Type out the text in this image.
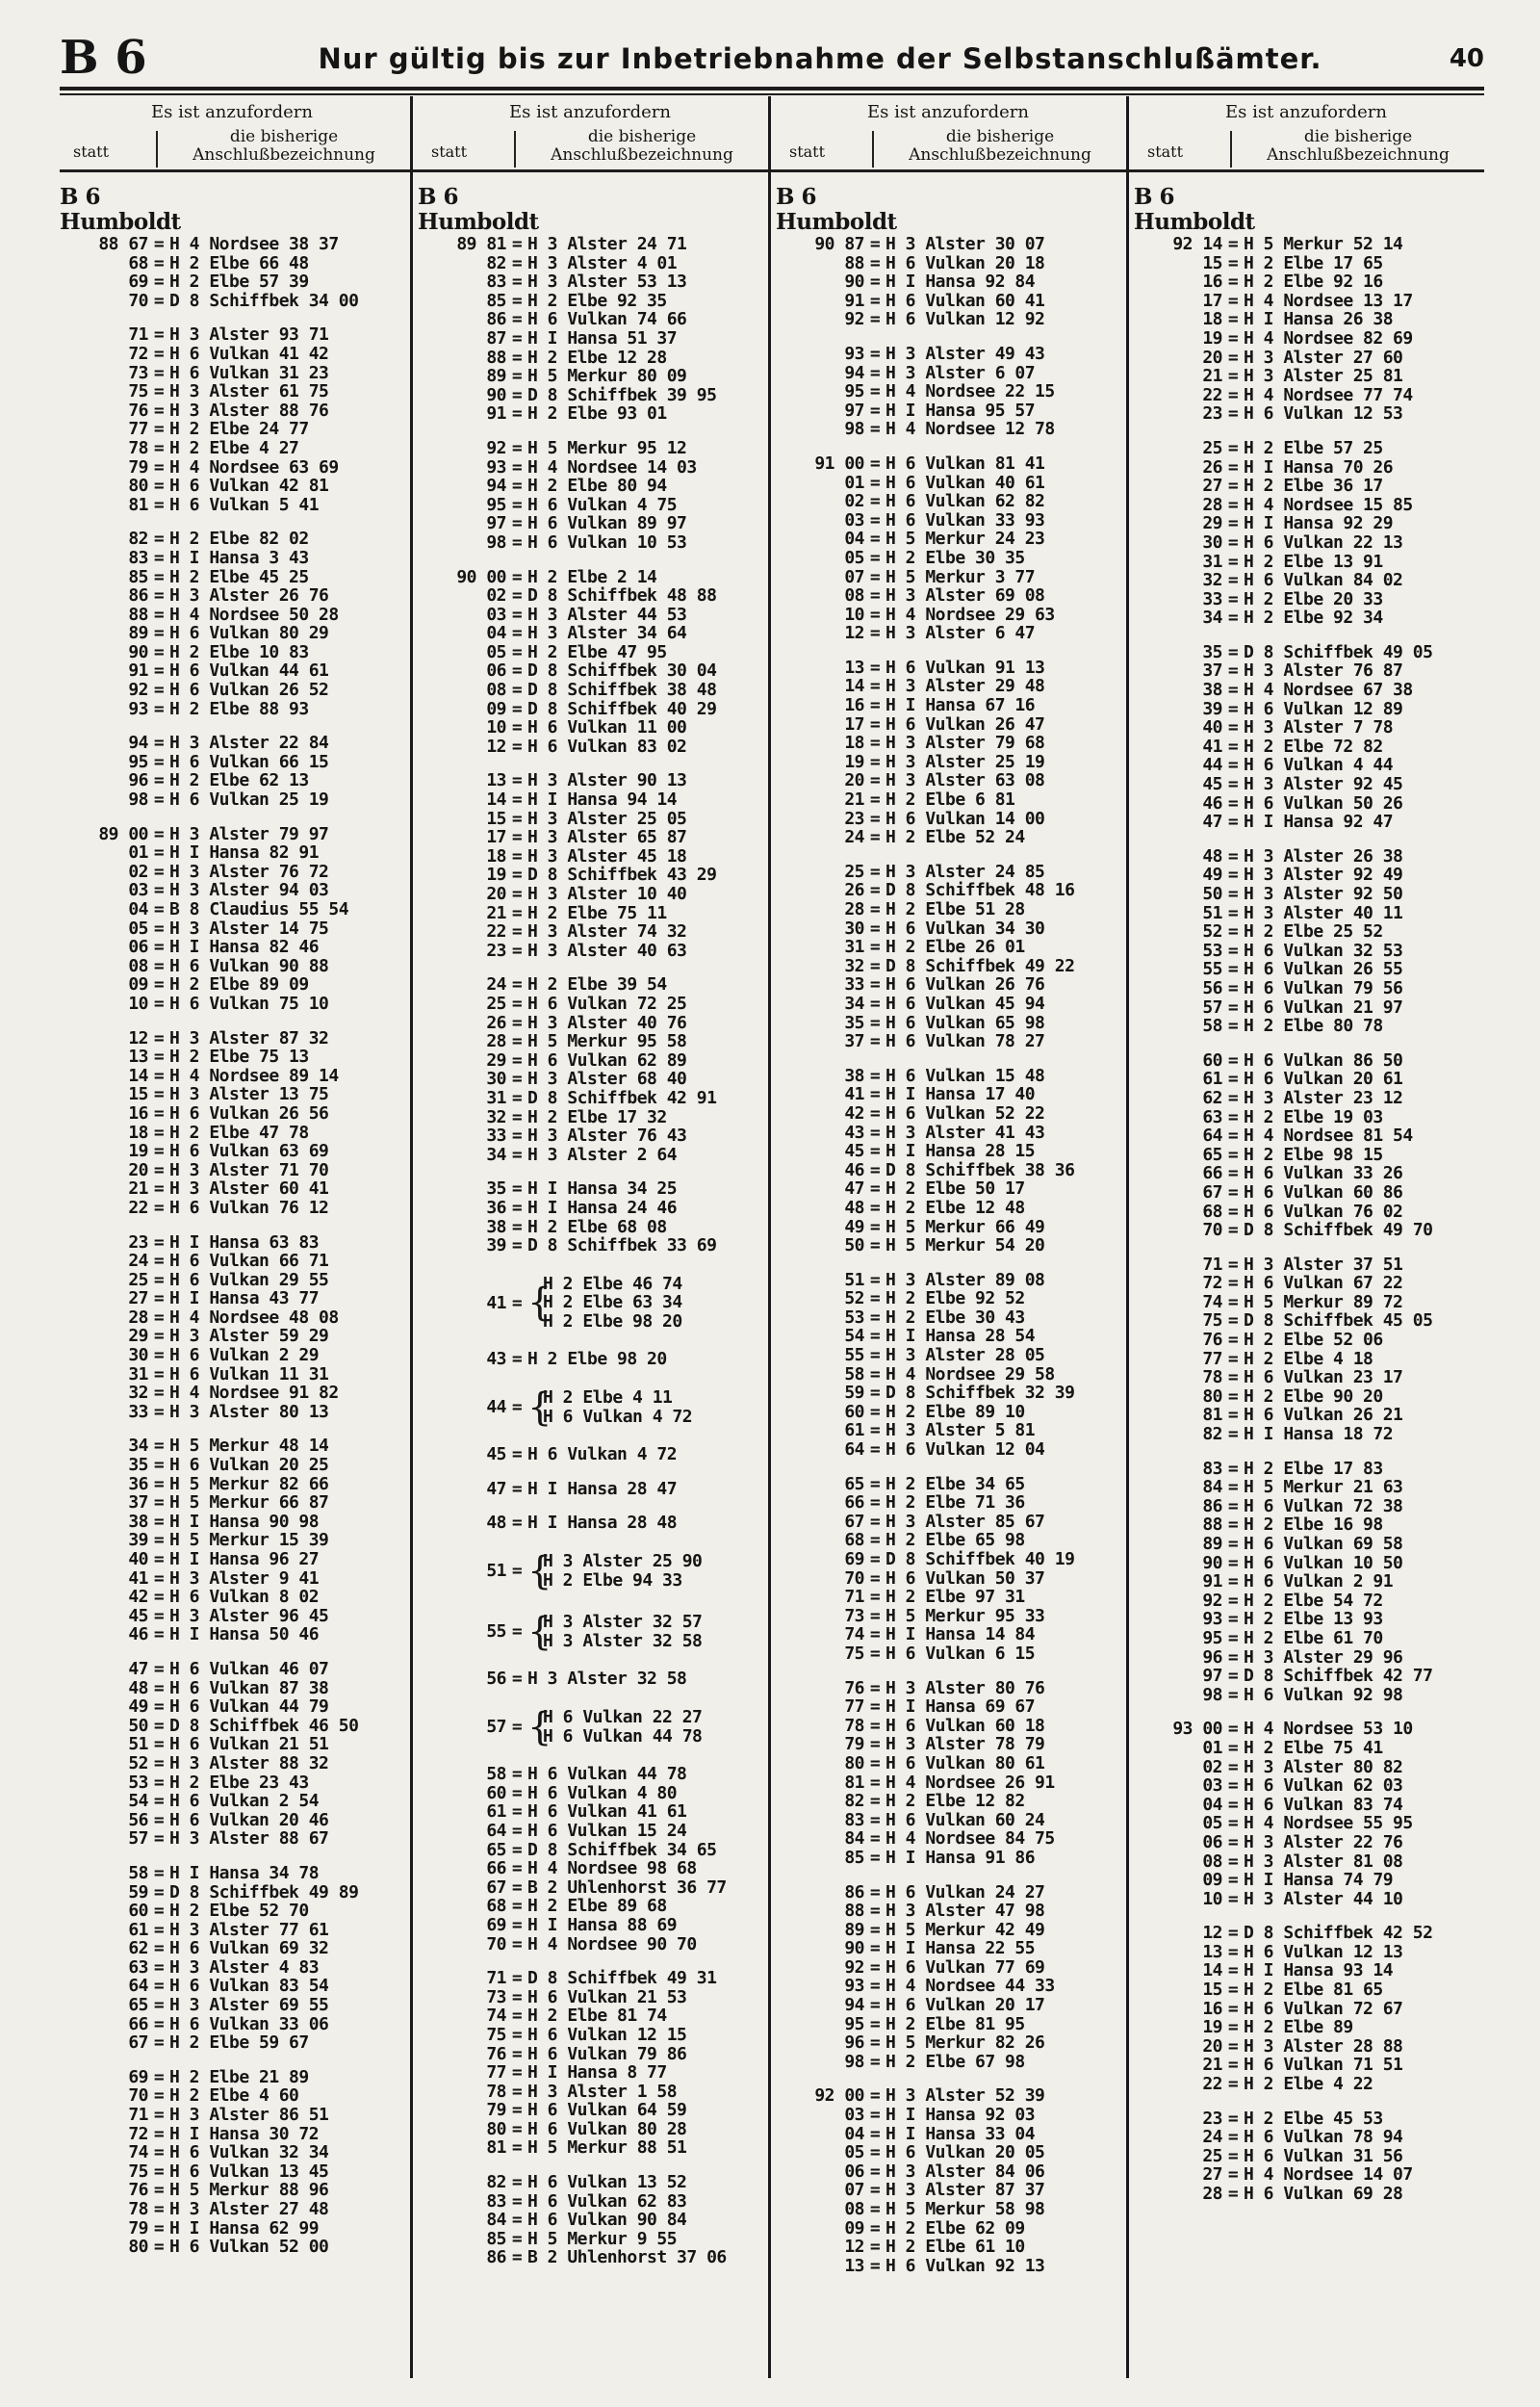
B 6	Nur gültig bis zur Inbetriebnahme der Selbstanschlußämter.	40
Es ist anzufordern
statt
die bisherige
Anschlußbezeichnung
B 6
Humboldt
88 67 = H 4 Nordsee 38 37
68 = H 2 Elbe 66 48
69 = H 2 Elbe 57 39
70 = D 8 Schiffbek 34 00
71 = H 3 Alster 93 71
72 = H 6 Vulkan 41 42
73 = H 6 Vulkan 31 23
75 = H 3 Alster 61 75
76 = H 3 Alster 88 76
77 = H 2 Elbe 24 77
78 = H 2 Elbe 4 27
79 = H 4 Nordsee 63 69
80 = H 6 Vulkan 42 81
81 = H 6 Vulkan 5 41
82 = H 2 Elbe 82 02
83 = H I Hansa 3 43
85 = H 2 Elbe 45 25
86 = H 3 Alster 26 76
88 = H 4 Nordsee 50 28
89 = H 6 Vulkan 80 29
90 = H 2 Elbe 10 83
91 = H 6 Vulkan 44 61
92 = H 6 Vulkan 26 52
93 = H 2 Elbe 88 93
94 = H 3 Alster 22 84
95 = H 6 Vulkan 66 15
96 = H 2 Elbe 62 13
98 = H 6 Vulkan 25 19
89 00 = H 3 Alster 79 97
01 = H I Hansa 82 91
02 = H 3 Alster 76 72
03 = H 3 Alster 94 03
04 = B 8 Claudius 55 54
05 = H 3 Alster 14 75
06 = H I Hansa 82 46
08 = H 6 Vulkan 90 88
09 = H 2 Elbe 89 09
10 = H 6 Vulkan 75 10
12 = H 3 Alster 87 32
13 = H 2 Elbe 75 13
14 = H 4 Nordsee 89 14
15 = H 3 Alster 13 75
16 = H 6 Vulkan 26 56
18 = H 2 Elbe 47 78
19 = H 6 Vulkan 63 69
20 = H 3 Alster 71 70
21 = H 3 Alster 60 41
22 = H 6 Vulkan 76 12
23 = H I Hansa 63 83
24 = H 6 Vulkan 66 71
25 = H 6 Vulkan 29 55
27 = H I Hansa 43 77
28 = H 4 Nordsee 48 08
29 = H 3 Alster 59 29
30 = H 6 Vulkan 2 29
31 = H 6 Vulkan 11 31
32 = H 4 Nordsee 91 82
33 = H 3 Alster 80 13
34 = H 5 Merkur 48 14
35 = H 6 Vulkan 20 25
36 = H 5 Merkur 82 66
37 = H 5 Merkur 66 87
38 = H I Hansa 90 98
39 = H 5 Merkur 15 39
40 = H I Hansa 96 27
41 = H 3 Alster 9 41
42 = H 6 Vulkan 8 02
45 = H 3 Alster 96 45
46 = H I Hansa 50 46
47 = H 6 Vulkan 46 07
48 = H 6 Vulkan 87 38
49 = H 6 Vulkan 44 79
50 = D 8 Schiffbek 46 50
51 = H 6 Vulkan 21 51
52 = H 3 Alster 88 32
53 = H 2 Elbe 23 43
54 = H 6 Vulkan 2 54
56 = H 6 Vulkan 20 46
57 = H 3 Alster 88 67
58 = H I Hansa 34 78
59 = D 8 Schiffbek 49 89
60 = H 2 Elbe 52 70
61 = H 3 Alster 77 61
62 = H 6 Vulkan 69 32
63 = H 3 Alster 4 83
64 = H 6 Vulkan 83 54
65 = H 3 Alster 69 55
66 = H 6 Vulkan 33 06
67 = H 2 Elbe 59 67
69 = H 2 Elbe 21 89
70 = H 2 Elbe 4 60
71 = H 3 Alster 86 51
72 = H I Hansa 30 72
74 = H 6 Vulkan 32 34
75 = H 6 Vulkan 13 45
76 = H 5 Merkur 88 96
78 = H 3 Alster 27 48
79 = H I Hansa 62 99
80 = H 6 Vulkan 52 00
Es ist anzufordern
statt
die bisherige
Anschlußbezeichnung
B 6
Humboldt
89 81 = H 3 Alster 24 71
82 = H 3 Alster 4 01
83 = H 3 Alster 53 13
85 = H 2 Elbe 92 35
86 = H 6 Vulkan 74 66
87 = H I Hansa 51 37
88 = H 2 Elbe 12 28
89 = H 5 Merkur 80 09
90 = D 8 Schiffbek 39 95
91 = H 2 Elbe 93 01
92 = H 5 Merkur 95 12
93 = H 4 Nordsee 14 03
94 = H 2 Elbe 80 94
95 = H 6 Vulkan 4 75
97 = H 6 Vulkan 89 97
98 = H 6 Vulkan 10 53
90 00 = H 2 Elbe 2 14
02 = D 8 Schiffbek 48 88
03 = H 3 Alster 44 53
04 = H 3 Alster 34 64
05 = H 2 Elbe 47 95
06 = D 8 Schiffbek 30 04
08 = D 8 Schiffbek 38 48
09 = D 8 Schiffbek 40 29
10 = H 6 Vulkan 11 00
12 = H 6 Vulkan 83 02
13 = H 3 Alster 90 13
14 = H I Hansa 94 14
15 = H 3 Alster 25 05
17 = H 3 Alster 65 87
18 = H 3 Alster 45 18
19 = D 8 Schiffbek 43 29
20 = H 3 Alster 10 40
21 = H 2 Elbe 75 11
22 = H 3 Alster 74 32
23 = H 3 Alster 40 63
24 = H 2 Elbe 39 54
25 = H 6 Vulkan 72 25
26 = H 3 Alster 40 76
28 = H 5 Merkur 95 58
29 = H 6 Vulkan 62 89
30 = H 3 Alster 68 40
31 = D 8 Schiffbek 42 91
32 = H 2 Elbe 17 32
33 = H 3 Alster 76 43
34 = H 3 Alster 2 64
35 = H I Hansa 34 25
36 = H I Hansa 24 46
38 = H 2 Elbe 68 08
39 = D 8 Schiffbek 33 69
41 = {
H 2 Elbe 46 74
H 2 Elbe 63 34
H 2 Elbe 98 20
43 = H 2 Elbe 98 20
44 = {
H 2 Elbe 4 11
H 6 Vulkan 4 72
45 = H 6 Vulkan 4 72
47 = H I Hansa 28 47
48 = H I Hansa 28 48
51 = {
H 3 Alster 25 90
H 2 Elbe 94 33
55 = {
H 3 Alster 32 57
H 3 Alster 32 58
56 = H 3 Alster 32 58
57 = {
H 6 Vulkan 22 27
H 6 Vulkan 44 78
58 = H 6 Vulkan 44 78
60 = H 6 Vulkan 4 80
61 = H 6 Vulkan 41 61
64 = H 6 Vulkan 15 24
65 = D 8 Schiffbek 34 65
66 = H 4 Nordsee 98 68
67 = B 2 Uhlenhorst 36 77
68 = H 2 Elbe 89 68
69 = H I Hansa 88 69
70 = H 4 Nordsee 90 70
71 = D 8 Schiffbek 49 31
73 = H 6 Vulkan 21 53
74 = H 2 Elbe 81 74
75 = H 6 Vulkan 12 15
76 = H 6 Vulkan 79 86
77 = H I Hansa 8 77
78 = H 3 Alster 1 58
79 = H 6 Vulkan 64 59
80 = H 6 Vulkan 80 28
81 = H 5 Merkur 88 51
82 = H 6 Vulkan 13 52
83 = H 6 Vulkan 62 83
84 = H 6 Vulkan 90 84
85 = H 5 Merkur 9 55
86 = B 2 Uhlenhorst 37 06
Es ist anzufordern
statt
die bisherige
Anschlußbezeichnung
B 6
Humboldt
90 87 = H 3 Alster 30 07
88 = H 6 Vulkan 20 18
90 = H I Hansa 92 84
91 = H 6 Vulkan 60 41
92 = H 6 Vulkan 12 92
93 = H 3 Alster 49 43
94 = H 3 Alster 6 07
95 = H 4 Nordsee 22 15
97 = H I Hansa 95 57
98 = H 4 Nordsee 12 78
91 00 = H 6 Vulkan 81 41
01 = H 6 Vulkan 40 61
02 = H 6 Vulkan 62 82
03 = H 6 Vulkan 33 93
04 = H 5 Merkur 24 23
05 = H 2 Elbe 30 35
07 = H 5 Merkur 3 77
08 = H 3 Alster 69 08
10 = H 4 Nordsee 29 63
12 = H 3 Alster 6 47
13 = H 6 Vulkan 91 13
14 = H 3 Alster 29 48
16 = H I Hansa 67 16
17 = H 6 Vulkan 26 47
18 = H 3 Alster 79 68
19 = H 3 Alster 25 19
20 = H 3 Alster 63 08
21 = H 2 Elbe 6 81
23 = H 6 Vulkan 14 00
24 = H 2 Elbe 52 24
25 = H 3 Alster 24 85
26 = D 8 Schiffbek 48 16
28 = H 2 Elbe 51 28
30 = H 6 Vulkan 34 30
31 = H 2 Elbe 26 01
32 = D 8 Schiffbek 49 22
33 = H 6 Vulkan 26 76
34 = H 6 Vulkan 45 94
35 = H 6 Vulkan 65 98
37 = H 6 Vulkan 78 27
38 = H 6 Vulkan 15 48
41 = H I Hansa 17 40
42 = H 6 Vulkan 52 22
43 = H 3 Alster 41 43
45 = H I Hansa 28 15
46 = D 8 Schiffbek 38 36
47 = H 2 Elbe 50 17
48 = H 2 Elbe 12 48
49 = H 5 Merkur 66 49
50 = H 5 Merkur 54 20
51 = H 3 Alster 89 08
52 = H 2 Elbe 92 52
53 = H 2 Elbe 30 43
54 = H I Hansa 28 54
55 = H 3 Alster 28 05
58 = H 4 Nordsee 29 58
59 = D 8 Schiffbek 32 39
60 = H 2 Elbe 89 10
61 = H 3 Alster 5 81
64 = H 6 Vulkan 12 04
65 = H 2 Elbe 34 65
66 = H 2 Elbe 71 36
67 = H 3 Alster 85 67
68 = H 2 Elbe 65 98
69 = D 8 Schiffbek 40 19
70 = H 6 Vulkan 50 37
71 = H 2 Elbe 97 31
73 = H 5 Merkur 95 33
74 = H I Hansa 14 84
75 = H 6 Vulkan 6 15
76 = H 3 Alster 80 76
77 = H I Hansa 69 67
78 = H 6 Vulkan 60 18
79 = H 3 Alster 78 79
80 = H 6 Vulkan 80 61
81 = H 4 Nordsee 26 91
82 = H 2 Elbe 12 82
83 = H 6 Vulkan 60 24
84 = H 4 Nordsee 84 75
85 = H I Hansa 91 86
86 = H 6 Vulkan 24 27
88 = H 3 Alster 47 98
89 = H 5 Merkur 42 49
90 = H I Hansa 22 55
92 = H 6 Vulkan 77 69
93 = H 4 Nordsee 44 33
94 = H 6 Vulkan 20 17
95 = H 2 Elbe 81 95
96 = H 5 Merkur 82 26
98 = H 2 Elbe 67 98
92 00 = H 3 Alster 52 39
03 = H I Hansa 92 03
04 = H I Hansa 33 04
05 = H 6 Vulkan 20 05
06 = H 3 Alster 84 06
07 = H 3 Alster 87 37
08 = H 5 Merkur 58 98
09 = H 2 Elbe 62 09
12 = H 2 Elbe 61 10
13 = H 6 Vulkan 92 13
Es ist anzufordern
statt
die bisherige
Anschlußbezeichnung
B 6
Humboldt
92 14 = H 5 Merkur 52 14
15 = H 2 Elbe 17 65
16 = H 2 Elbe 92 16
17 = H 4 Nordsee 13 17
18 = H I Hansa 26 38
19 = H 4 Nordsee 82 69
20 = H 3 Alster 27 60
21 = H 3 Alster 25 81
22 = H 4 Nordsee 77 74
23 = H 6 Vulkan 12 53
25 = H 2 Elbe 57 25
26 = H I Hansa 70 26
27 = H 2 Elbe 36 17
28 = H 4 Nordsee 15 85
29 = H I Hansa 92 29
30 = H 6 Vulkan 22 13
31 = H 2 Elbe 13 91
32 = H 6 Vulkan 84 02
33 = H 2 Elbe 20 33
34 = H 2 Elbe 92 34
35 = D 8 Schiffbek 49 05
37 = H 3 Alster 76 87
38 = H 4 Nordsee 67 38
39 = H 6 Vulkan 12 89
40 = H 3 Alster 7 78
41 = H 2 Elbe 72 82
44 = H 6 Vulkan 4 44
45 = H 3 Alster 92 45
46 = H 6 Vulkan 50 26
47 = H I Hansa 92 47
48 = H 3 Alster 26 38
49 = H 3 Alster 92 49
50 = H 3 Alster 92 50
51 = H 3 Alster 40 11
52 = H 2 Elbe 25 52
53 = H 6 Vulkan 32 53
55 = H 6 Vulkan 26 55
56 = H 6 Vulkan 79 56
57 = H 6 Vulkan 21 97
58 = H 2 Elbe 80 78
60 = H 6 Vulkan 86 50
61 = H 6 Vulkan 20 61
62 = H 3 Alster 23 12
63 = H 2 Elbe 19 03
64 = H 4 Nordsee 81 54
65 = H 2 Elbe 98 15
66 = H 6 Vulkan 33 26
67 = H 6 Vulkan 60 86
68 = H 6 Vulkan 76 02
70 = D 8 Schiffbek 49 70
71 = H 3 Alster 37 51
72 = H 6 Vulkan 67 22
74 = H 5 Merkur 89 72
75 = D 8 Schiffbek 45 05
76 = H 2 Elbe 52 06
77 = H 2 Elbe 4 18
78 = H 6 Vulkan 23 17
80 = H 2 Elbe 90 20
81 = H 6 Vulkan 26 21
82 = H I Hansa 18 72
83 = H 2 Elbe 17 83
84 = H 5 Merkur 21 63
86 = H 6 Vulkan 72 38
88 = H 2 Elbe 16 98
89 = H 6 Vulkan 69 58
90 = H 6 Vulkan 10 50
91 = H 6 Vulkan 2 91
92 = H 2 Elbe 54 72
93 = H 2 Elbe 13 93
95 = H 2 Elbe 61 70
96 = H 3 Alster 29 96
97 = D 8 Schiffbek 42 77
98 = H 6 Vulkan 92 98
93 00 = H 4 Nordsee 53 10
01 = H 2 Elbe 75 41
02 = H 3 Alster 80 82
03 = H 6 Vulkan 62 03
04 = H 6 Vulkan 83 74
05 = H 4 Nordsee 55 95
06 = H 3 Alster 22 76
08 = H 3 Alster 81 08
09 = H I Hansa 74 79
10 = H 3 Alster 44 10
12 = D 8 Schiffbek 42 52
13 = H 6 Vulkan 12 13
14 = H I Hansa 93 14
15 = H 2 Elbe 81 65
16 = H 6 Vulkan 72 67
19 = H 2 Elbe 89
20 = H 3 Alster 28 88
21 = H 6 Vulkan 71 51
22 = H 2 Elbe 4 22
23 = H 2 Elbe 45 53
24 = H 6 Vulkan 78 94
25 = H 6 Vulkan 31 56
27 = H 4 Nordsee 14 07
28 = H 6 Vulkan 69 28
